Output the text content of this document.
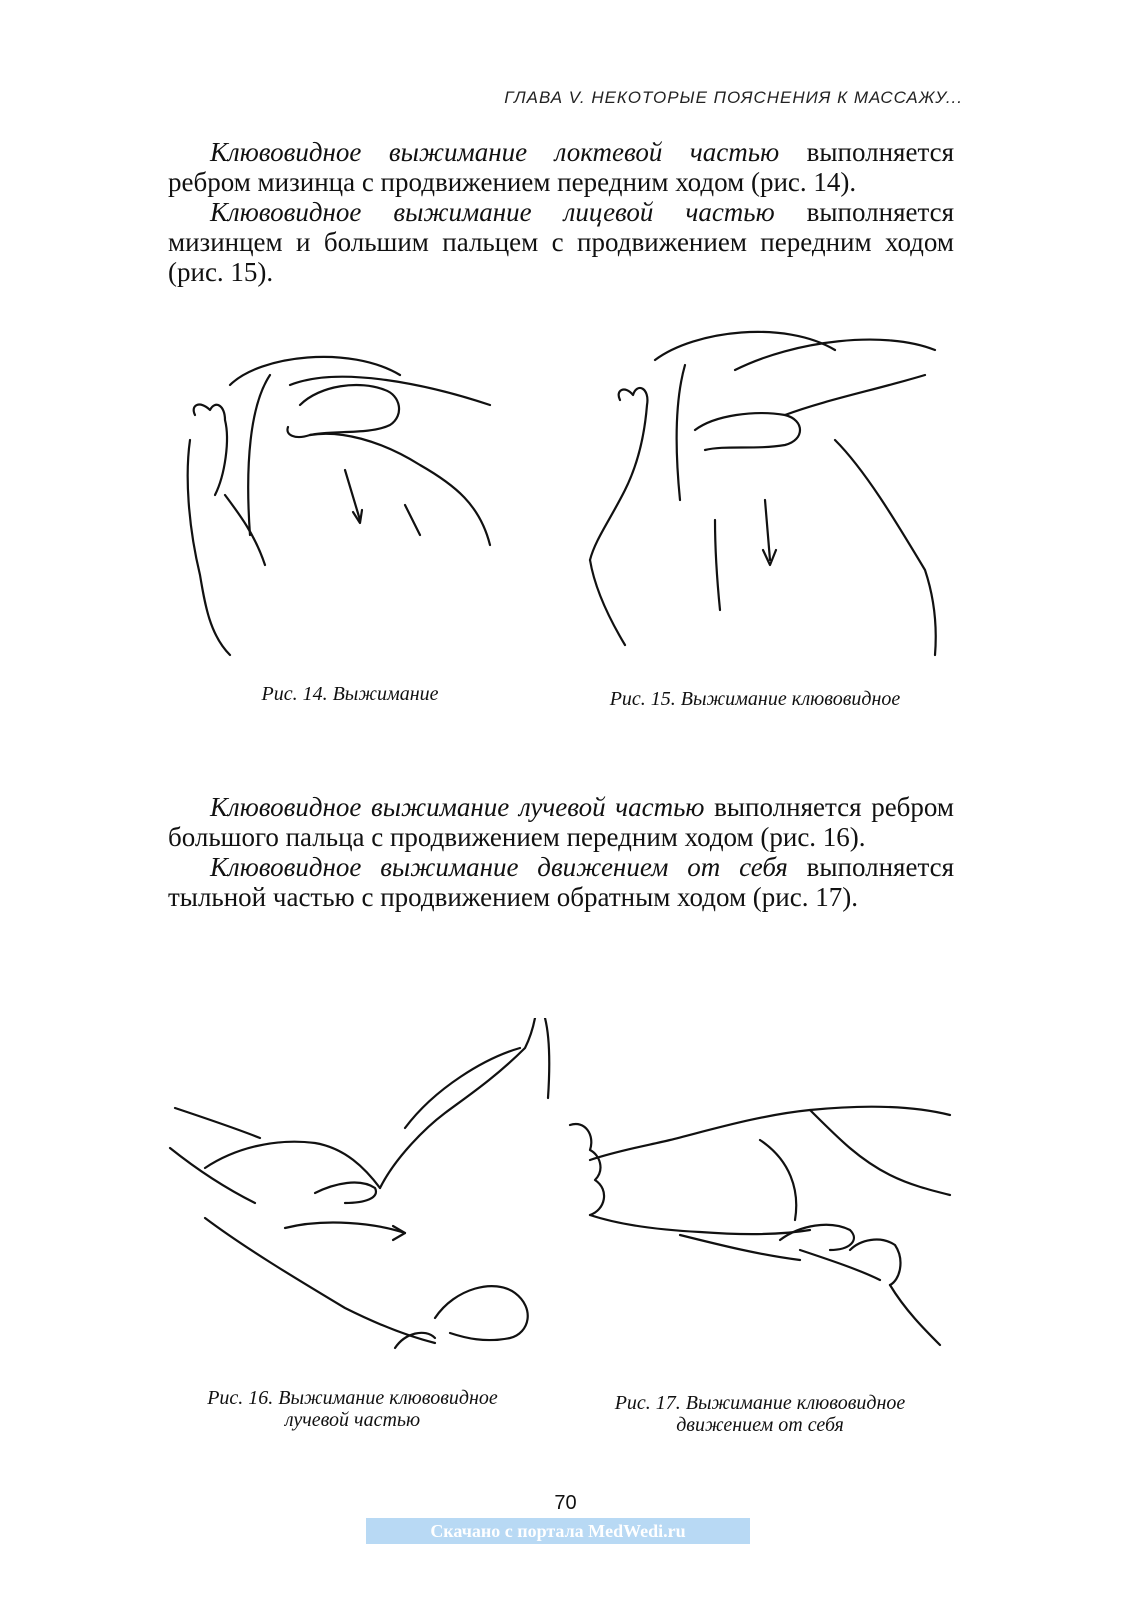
ГЛАВА V. НЕКОТОРЫЕ ПОЯСНЕНИЯ К МАССАЖУ...
Клювовидное выжимание локтевой частью выполняется ребром мизинца с продвижением передним ходом (рис. 14).
Клювовидное выжимание лицевой частью выполняется мизинцем и большим пальцем с продвижением передним ходом (рис. 15).
Рис. 14. Выжимание	Рис. 15. Выжимание клювовидное
Клювовидное выжимание лучевой частью выполняется ребром большого пальца с продвижением передним ходом (рис. 16).
Клювовидное выжимание движением от себя выполняется тыльной частью с продвижением обратным ходом (рис. 17).
Рис. 16. Выжимание клювовидное
лучевой частью
Рис. 17. Выжимание клювовидное
движением от себя
70
Скачано с портала MedWedi.ru
